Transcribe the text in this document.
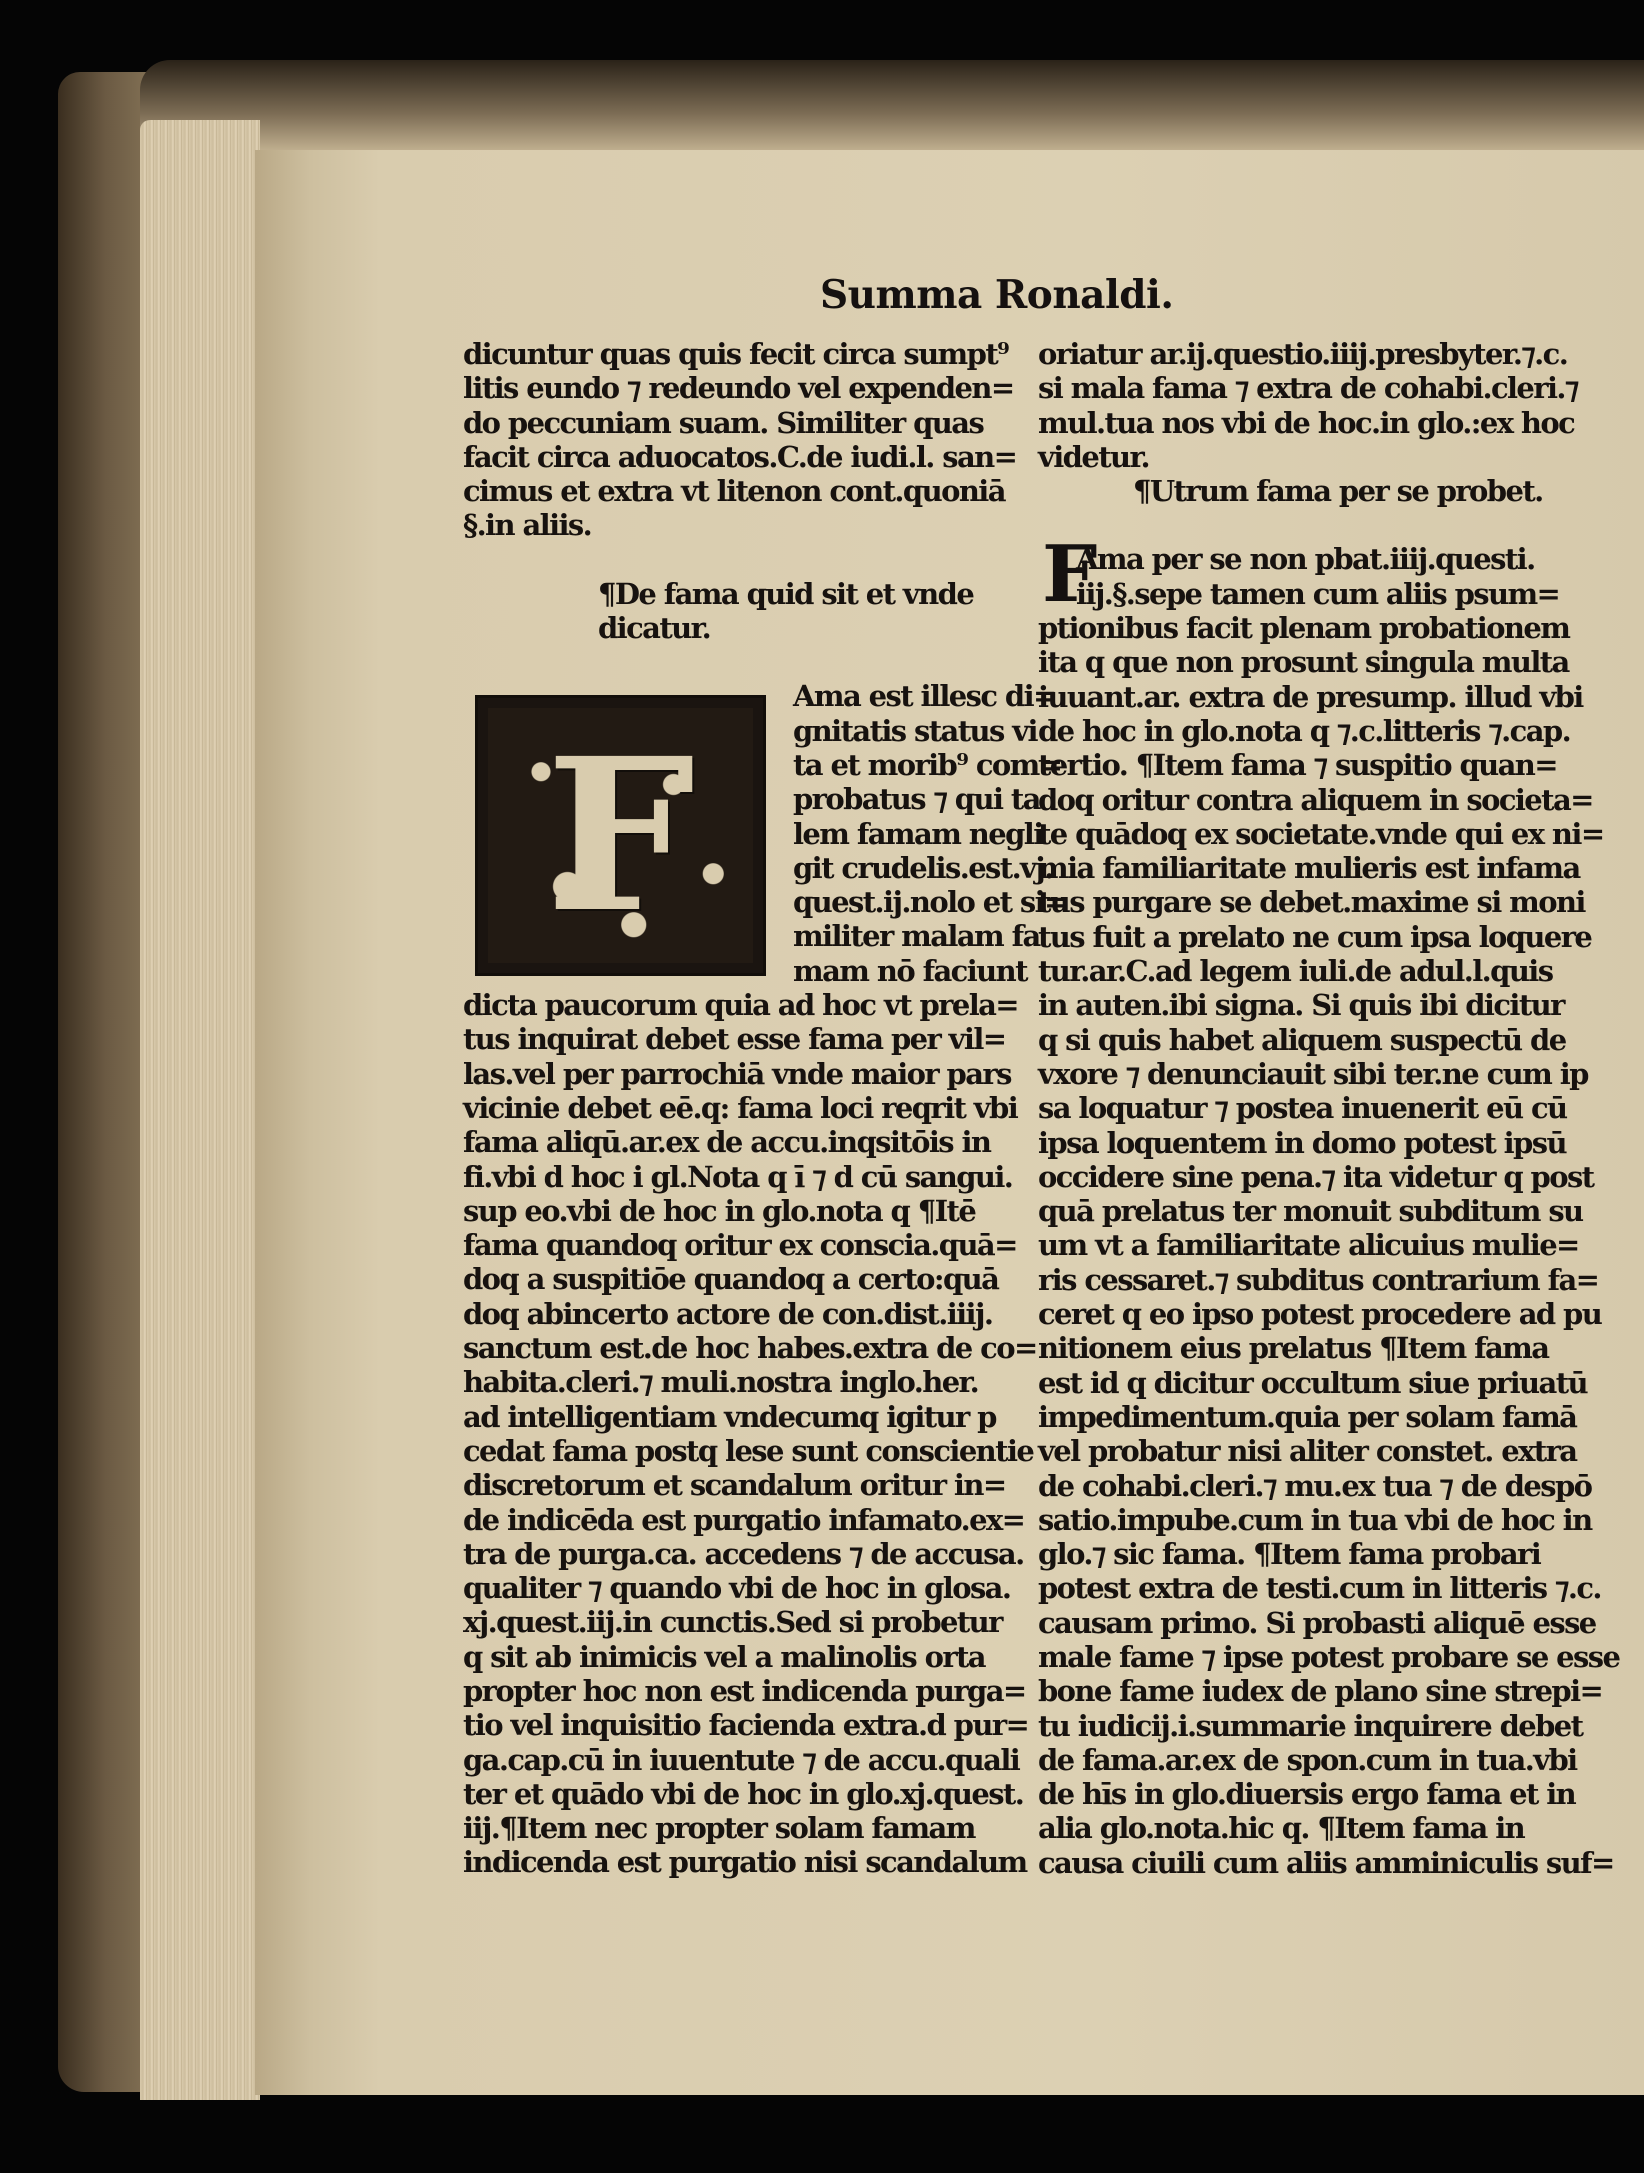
Summa Ronaldi.
dicuntur quas quis fecit circa sumpt⁹
litis eundo ⁊ redeundo vel expenden=
do peccuniam suam. Similiter quas
facit circa aduocatos.C.de iudi.l. san=
cimus et extra vt litenon cont.quoniā
§.in aliis.
¶De fama quid sit et vnde
dicatur.
Ama est illesc di=
gnitatis status vi
ta et morib⁹ com=
probatus ⁊ qui ta
lem famam negli
git crudelis.est.vj.
quest.ij.nolo et si=
militer malam fa
mam nō faciunt
dicta paucorum quia ad hoc vt prela=
tus inquirat debet esse fama per vil=
las.vel per parrochiā vnde maior pars
vicinie debet eē.q: fama loci reqrit vbi
fama aliqū.ar.ex de accu.inqsitōis in
fi.vbi d hoc i gl.Nota q ī ⁊ d cū sangui.
sup eo.vbi de hoc in glo.nota q ¶Itē
fama quandoq oritur ex conscia.quā=
doq a suspitiōe quandoq a certo:quā
doq abincerto actore de con.dist.iiij.
sanctum est.de hoc habes.extra de co=
habita.cleri.⁊ muli.nostra inglo.her.
ad intelligentiam vndecumq igitur p
cedat fama postq lese sunt conscientie
discretorum et scandalum oritur in=
de indicēda est purgatio infamato.ex=
tra de purga.ca. accedens ⁊ de accusa.
qualiter ⁊ quando vbi de hoc in glosa.
xj.quest.iij.in cunctis.Sed si probetur
q sit ab inimicis vel a malinolis orta
propter hoc non est indicenda purga=
tio vel inquisitio facienda extra.d pur=
ga.cap.cū in iuuentute ⁊ de accu.quali
ter et quādo vbi de hoc in glo.xj.quest.
iij.¶Item nec propter solam famam
indicenda est purgatio nisi scandalum
oriatur ar.ij.questio.iiij.presbyter.⁊.c.
si mala fama ⁊ extra de cohabi.cleri.⁊
mul.tua nos vbi de hoc.in glo.:ex hoc
videtur.
¶Utrum fama per se probet.
Ama per se non pbat.iiij.questi.
iij.§.sepe tamen cum aliis psum=
ptionibus facit plenam probationem
ita q que non prosunt singula multa
iuuant.ar. extra de presump. illud vbi
de hoc in glo.nota q ⁊.c.litteris ⁊.cap.
tertio. ¶Item fama ⁊ suspitio quan=
doq oritur contra aliquem in societa=
te quādoq ex societate.vnde qui ex ni=
mia familiaritate mulieris est infama
tus purgare se debet.maxime si moni
tus fuit a prelato ne cum ipsa loquere
tur.ar.C.ad legem iuli.de adul.l.quis
in auten.ibi signa. Si quis ibi dicitur
q si quis habet aliquem suspectū de
vxore ⁊ denunciauit sibi ter.ne cum ip
sa loquatur ⁊ postea inuenerit eū cū
ipsa loquentem in domo potest ipsū
occidere sine pena.⁊ ita videtur q post
quā prelatus ter monuit subditum su
um vt a familiaritate alicuius mulie=
ris cessaret.⁊ subditus contrarium fa=
ceret q eo ipso potest procedere ad pu
nitionem eius prelatus ¶Item fama
est id q dicitur occultum siue priuatū
impedimentum.quia per solam famā
vel probatur nisi aliter constet. extra
de cohabi.cleri.⁊ mu.ex tua ⁊ de despō
satio.impube.cum in tua vbi de hoc in
glo.⁊ sic fama. ¶Item fama probari
potest extra de testi.cum in litteris ⁊.c.
causam primo. Si probasti aliquē esse
male fame ⁊ ipse potest probare se esse
bone fame iudex de plano sine strepi=
tu iudicij.i.summarie inquirere debet
de fama.ar.ex de spon.cum in tua.vbi
de hīs in glo.diuersis ergo fama et in
alia glo.nota.hic q. ¶Item fama in
causa ciuili cum aliis amminiculis suf=
F
F
